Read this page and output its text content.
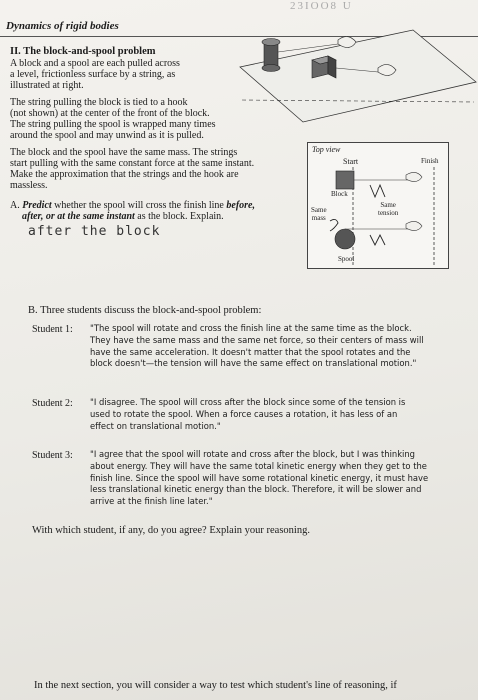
23IOO8 U
Dynamics of rigid bodies
II. The block-and-spool problem
A block and a spool are each pulled across
a level, frictionless surface by a string, as
illustrated at right.
The string pulling the block is tied to a hook
(not shown) at the center of the front of the block.
The string pulling the spool is wrapped many times
around the spool and may unwind as it is pulled.
The block and the spool have the same mass. The strings
start pulling with the same constant force at the same instant.
Make the approximation that the strings and the hook are
massless.
A. Predict whether the spool will cross the finish line before,
after, or at the same instant as the block. Explain.
after the block
Top view
Start	Finish
Block
Same
mass
Same
tension
Spool
B. Three students discuss the block-and-spool problem:
Student 1: "The spool will rotate and cross the finish line at the same time as the block.
They have the same mass and the same net force, so their centers of mass will
have the same acceleration. It doesn't matter that the spool rotates and the
block doesn't—the tension will have the same effect on translational motion."
Student 2: "I disagree. The spool will cross after the block since some of the tension is
used to rotate the spool. When a force causes a rotation, it has less of an
effect on translational motion."
Student 3: "I agree that the spool will rotate and cross after the block, but I was thinking
about energy. They will have the same total kinetic energy when they get to the
finish line. Since the spool will have some rotational kinetic energy, it must have
less translational kinetic energy than the block. Therefore, it will be slower and
arrive at the finish line later."
With which student, if any, do you agree? Explain your reasoning.
In the next section, you will consider a way to test which student's line of reasoning, if
